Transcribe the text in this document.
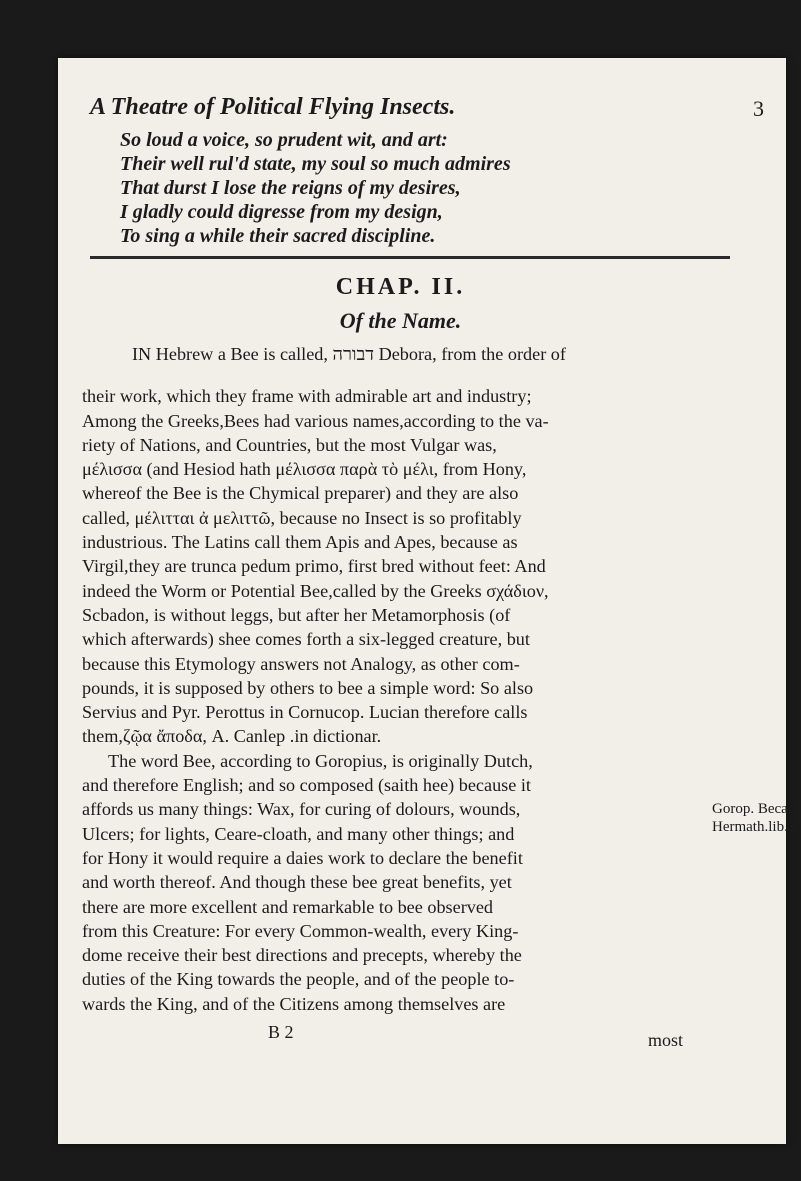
A Theatre of Political Flying Insects.	3
So loud a voice, so prudent wit, and art:
Their well rul'd state, my soul so much admires
That durst I lose the reigns of my desires,
I gladly could digresse from my design,
To sing a while their sacred discipline.
CHAP. II.
Of the Name.
IN Hebrew a Bee is called, דבורה Debora, from the order of
their work, which they frame with admirable art and industry;
Among the Greeks,Bees had various names,according to the va-
riety of Nations, and Countries, but the most Vulgar was,
μέλισσα (and Hesiod hath μέλισσα παρὰ τὸ μέλι, from Hony,
whereof the Bee is the Chymical preparer) and they are also
called, μέλιτται ἀ μελιττῶ, because no Insect is so profitably
industrious. The Latins call them Apis and Apes, because as
Virgil,they are trunca pedum primo, first bred without feet: And
indeed the Worm or Potential Bee,called by the Greeks σχάδιον,
Scbadon, is without leggs, but after her Metamorphosis (of
which afterwards) shee comes forth a six-legged creature, but
because this Etymology answers not Analogy, as other com-
pounds, it is supposed by others to bee a simple word: So also
Servius and Pyr. Perottus in Cornucop. Lucian therefore calls
them,ζῷα ἄποδα, A. Canlep .in dictionar.
The word Bee, according to Goropius, is originally Dutch,
and therefore English; and so composed (saith hee) because it
affords us many things: Wax, for curing of dolours, wounds,
Ulcers; for lights, Ceare-cloath, and many other things; and
for Hony it would require a daies work to declare the benefit
and worth thereof. And though these bee great benefits, yet
there are more excellent and remarkable to bee observed
from this Creature: For every Common-wealth, every King-
dome receive their best directions and precepts, whereby the
duties of the King towards the people, and of the people to-
wards the King, and of the Citizens among themselves are
Gorop. Becan.
Hermath.lib.5
B 2	most
